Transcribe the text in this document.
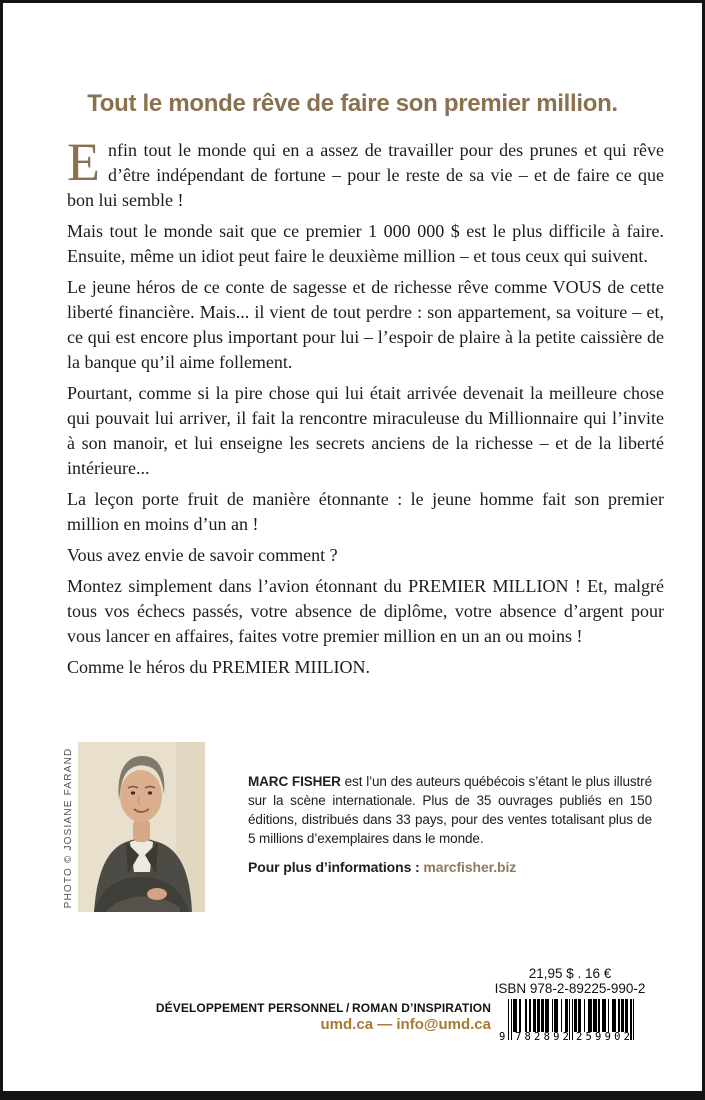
Tout le monde rêve de faire son premier million.

Enfin tout le monde qui en a assez de travailler pour des prunes et qui rêve d’être indépendant de fortune – pour le reste de sa vie – et de faire ce que bon lui semble !

Mais tout le monde sait que ce premier 1 000 000 $ est le plus difficile à faire. Ensuite, même un idiot peut faire le deuxième million – et tous ceux qui suivent.

Le jeune héros de ce conte de sagesse et de richesse rêve comme VOUS de cette liberté financière. Mais... il vient de tout perdre : son appartement, sa voiture – et, ce qui est encore plus important pour lui – l’espoir de plaire à la petite caissière de la banque qu’il aime follement.

Pourtant, comme si la pire chose qui lui était arrivée devenait la meilleure chose qui pouvait lui arriver, il fait la rencontre miraculeuse du Millionnaire qui l’invite à son manoir, et lui enseigne les secrets anciens de la richesse – et de la liberté intérieure...

La leçon porte fruit de manière étonnante : le jeune homme fait son premier million en moins d’un an !

Vous avez envie de savoir comment ?

Montez simplement dans l’avion étonnant du PREMIER MILLION ! Et, malgré tous vos échecs passés, votre absence de diplôme, votre absence d’argent pour vous lancer en affaires, faites votre premier million en un an ou moins !

Comme le héros du PREMIER MIILION.

PHOTO © JOSIANE FARAND	MARC FISHER est l’un des auteurs québécois s’étant le plus illustré sur la scène internationale. Plus de 35 ouvrages publiés en 150 éditions, distribués dans 33 pays, pour des ventes totalisant plus de 5 millions d’exemplaires dans le monde.

Pour plus d’informations : marcfisher.biz

21,95 $ . 16 €
ISBN 978-2-89225-990-2
9 782892 259902
DÉVELOPPEMENT PERSONNEL / ROMAN D’INSPIRATION
umd.ca — info@umd.ca
